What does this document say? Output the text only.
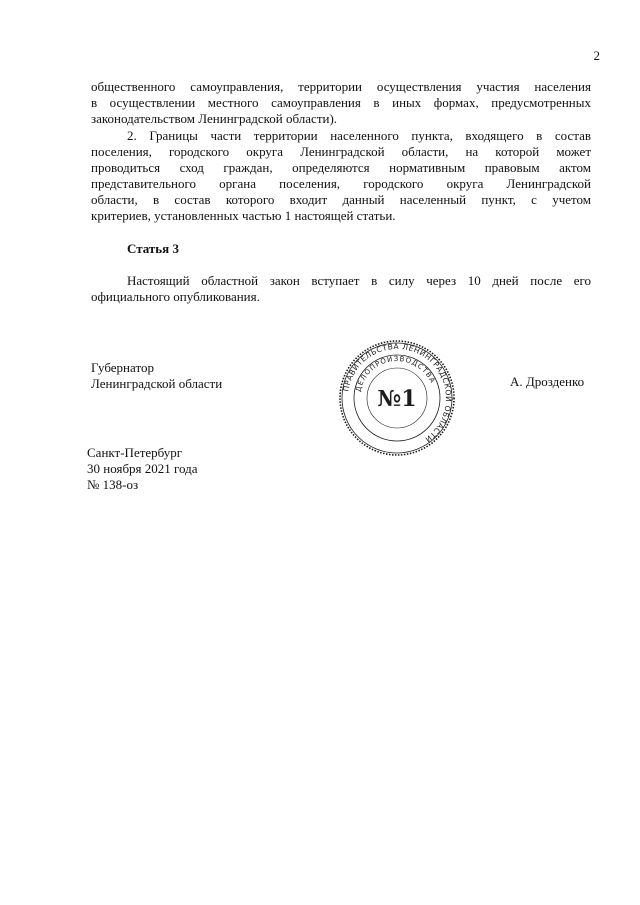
2
общественного самоуправления, территории осуществления участия населения
в осуществлении местного самоуправления в иных формах, предусмотренных
законодательством Ленинградской области).
2. Границы части территории населенного пункта, входящего в состав
поселения, городского округа Ленинградской области, на которой может
проводиться сход граждан, определяются нормативным правовым актом
представительного органа поселения, городского округа Ленинградской
области, в состав которого входит данный населенный пункт, с учетом
критериев, установленных частью 1 настоящей статьи.
Статья 3
Настоящий областной закон вступает в силу через 10 дней после его
официального опубликования.
Губернатор
Ленинградской области	ПРАВИТЕЛЬСТВА ЛЕНИНГРАДСКОЙ ОБЛАСТИ
ДЕЛОПРОИЗВОДСТВА
№1
А. Дрозденко
Санкт-Петербург
30 ноября 2021 года
№ 138-оз
